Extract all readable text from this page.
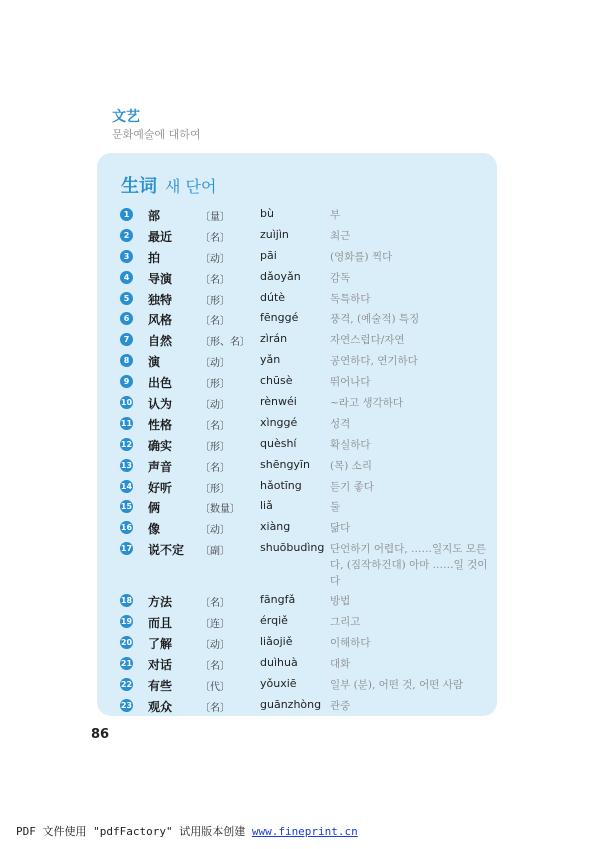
文艺
문화예술에 대하여
生词 새 단어
1	部	〔量〕	bù	부
2	最近	〔名〕	zuìjìn	최근
3	拍	〔动〕	pāi	(영화를) 찍다
4	导演	〔名〕	dǎoyǎn	감독
5	独特	〔形〕	dútè	독특하다
6	风格	〔名〕	fēnggé	풍격, (예술적) 특징
7	自然	〔形、名〕 zìrán	자연스럽다/자연
8	演	〔动〕	yǎn	공연하다, 연기하다
9	出色	〔形〕	chūsè	뛰어나다
10 认为	〔动〕	rènwéi	~라고 생각하다
11 性格	〔名〕	xìnggé	성격
12 确实	〔形〕	quèshí	확실하다
13 声音	〔名〕	shēngyīn (목) 소리
14 好听	〔形〕	hǎotīng	듣기 좋다
15 俩	〔数量〕 liǎ	둘
16 像	〔动〕	xiàng	닮다
17 说不定 〔副〕	shuōbudìng 단언하기 어렵다, ……일지도 모른다, (짐작하건대) 아마 ……일 것이다
18 方法	〔名〕	fāngfǎ	방법
19 而且	〔连〕	érqiě	그리고
20 了解	〔动〕	liǎojiě	이해하다
21 对话	〔名〕	duìhuà	대화
22 有些	〔代〕	yǒuxiē	일부 (분), 어떤 것, 어떤 사람
23 观众	〔名〕	guānzhòng 관중
86
PDF 文件使用 "pdfFactory" 试用版本创建 www.fineprint.cn
